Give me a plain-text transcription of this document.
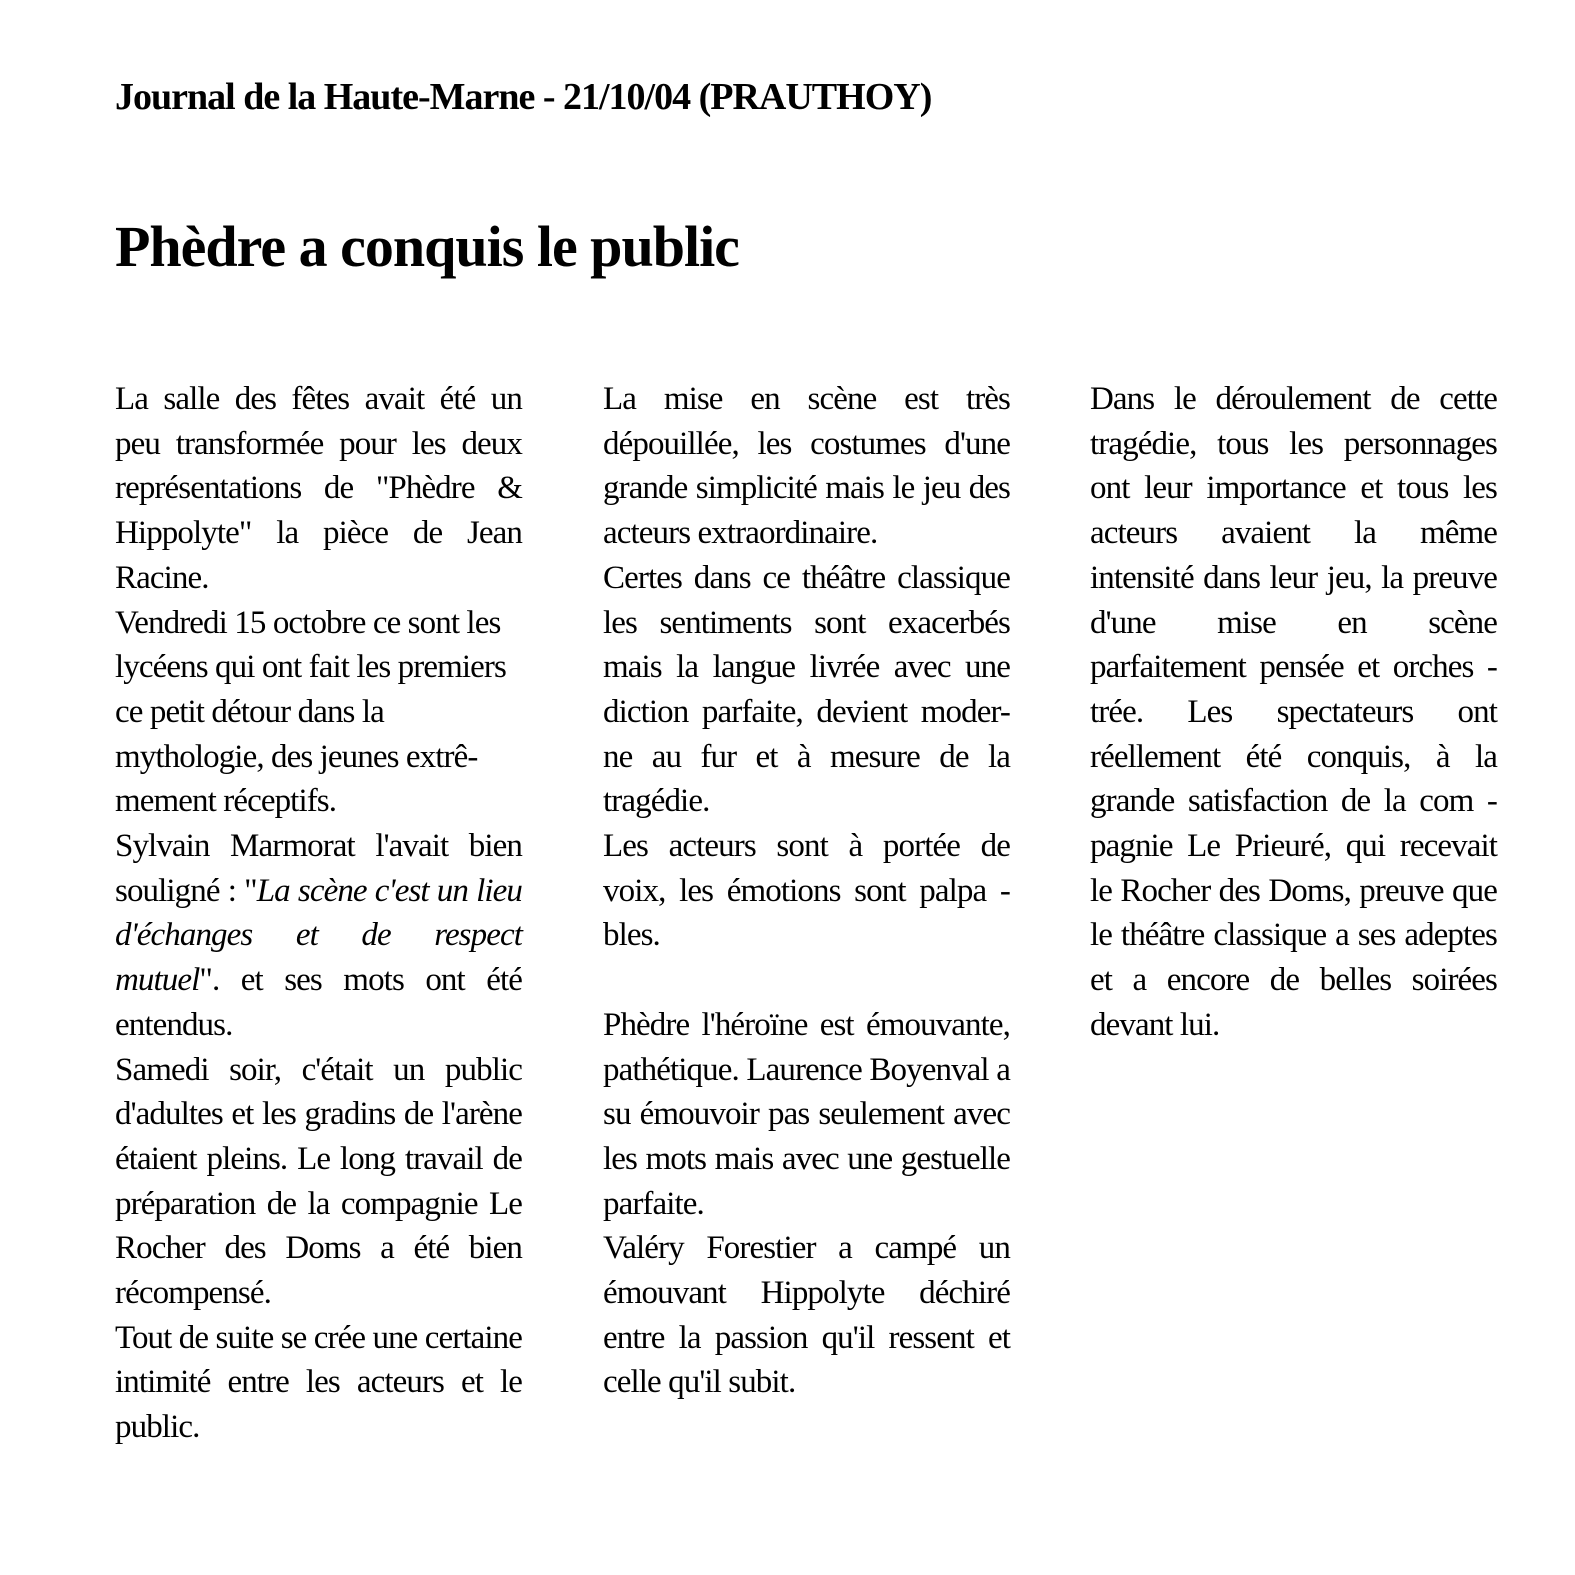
Journal de la Haute-Marne - 21/10/04 (PRAUTHOY)
Phèdre a conquis le public

La salle des fêtes avait été un peu transformée pour les deux représentations de "Phèdre & Hippolyte" la pièce de Jean Racine.

Vendredi 15 octobre ce sont les lycéens qui ont fait les premiers ce petit détour dans la mythologie, des jeunes extrê-

mement réceptifs.

Sylvain Marmorat l'avait bien souligné : "La scène c'est un lieu d'échanges et de respect mutuel". et ses mots ont été entendus.

Samedi soir, c'était un public d'adultes et les gradins de l'arène étaient pleins. Le long travail de préparation de la compagnie Le Rocher des Doms a été bien récompensé.

Tout de suite se crée une certaine intimité entre les acteurs et le public.

La mise en scène est très dépouillée, les costumes d'une grande simplicité mais le jeu des acteurs extraordinaire.

Certes dans ce théâtre classique les sentiments sont exacerbés mais la langue livrée avec une diction parfaite, devient moder-ne au fur et à mesure de la tragédie.

Les acteurs sont à portée de voix, les émotions sont palpa -bles.

Phèdre l'héroïne est émouvante, pathétique. Laurence Boyenval a su émouvoir pas seulement avec les mots mais avec une gestuelle parfaite.

Valéry Forestier a campé un émouvant Hippolyte déchiré entre la passion qu'il ressent et celle qu'il subit.

Dans le déroulement de cette tragédie, tous les personnages ont leur importance et tous les acteurs avaient la même intensité dans leur jeu, la preuve d'une mise en scène parfaitement pensée et orches -trée. Les spectateurs ont réellement été conquis, à la grande satisfaction de la com -pagnie Le Prieuré, qui recevait le Rocher des Doms, preuve que le théâtre classique a ses adeptes et a encore de belles soirées devant lui.
